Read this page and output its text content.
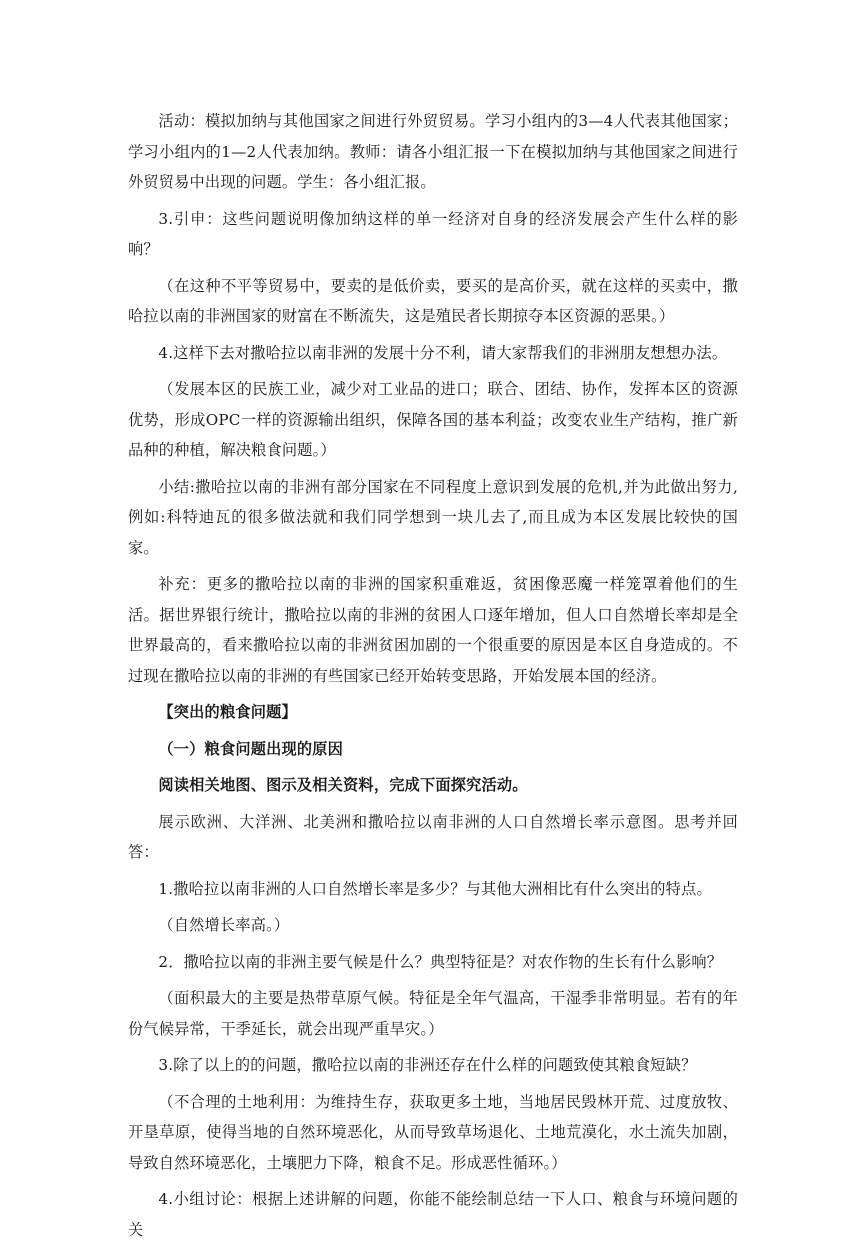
活动：模拟加纳与其他国家之间进行外贸贸易。学习小组内的3—4人代表其他国家；学习小组内的1—2人代表加纳。教师：请各小组汇报一下在模拟加纳与其他国家之间进行外贸贸易中出现的问题。学生：各小组汇报。

3.引申：这些问题说明像加纳这样的单一经济对自身的经济发展会产生什么样的影响？

（在这种不平等贸易中，要卖的是低价卖，要买的是高价买，就在这样的买卖中，撒哈拉以南的非洲国家的财富在不断流失，这是殖民者长期掠夺本区资源的恶果。）

4.这样下去对撒哈拉以南非洲的发展十分不利，请大家帮我们的非洲朋友想想办法。

（发展本区的民族工业，减少对工业品的进口；联合、团结、协作，发挥本区的资源优势，形成OPC一样的资源输出组织，保障各国的基本利益；改变农业生产结构，推广新品种的种植，解决粮食问题。）

小结:撒哈拉以南的非洲有部分国家在不同程度上意识到发展的危机,并为此做出努力,例如:科特迪瓦的很多做法就和我们同学想到一块儿去了,而且成为本区发展比较快的国家。

补充：更多的撒哈拉以南的非洲的国家积重难返，贫困像恶魔一样笼罩着他们的生活。据世界银行统计，撒哈拉以南的非洲的贫困人口逐年增加，但人口自然增长率却是全世界最高的，看来撒哈拉以南的非洲贫困加剧的一个很重要的原因是本区自身造成的。不过现在撒哈拉以南的非洲的有些国家已经开始转变思路，开始发展本国的经济。

【突出的粮食问题】

（一）粮食问题出现的原因

阅读相关地图、图示及相关资料，完成下面探究活动。

展示欧洲、大洋洲、北美洲和撒哈拉以南非洲的人口自然增长率示意图。思考并回答：

1.撒哈拉以南非洲的人口自然增长率是多少？与其他大洲相比有什么突出的特点。

（自然增长率高。）

2．撒哈拉以南的非洲主要气候是什么？典型特征是？对农作物的生长有什么影响？

（面积最大的主要是热带草原气候。特征是全年气温高，干湿季非常明显。若有的年份气候异常，干季延长，就会出现严重旱灾。）

3.除了以上的的问题，撒哈拉以南的非洲还存在什么样的问题致使其粮食短缺？

（不合理的土地利用：为维持生存，获取更多土地，当地居民毁林开荒、过度放牧、开垦草原，使得当地的自然环境恶化，从而导致草场退化、土地荒漠化，水土流失加剧，导致自然环境恶化，土壤肥力下降，粮食不足。形成恶性循环。）

4.小组讨论：根据上述讲解的问题，你能不能绘制总结一下人口、粮食与环境问题的关
